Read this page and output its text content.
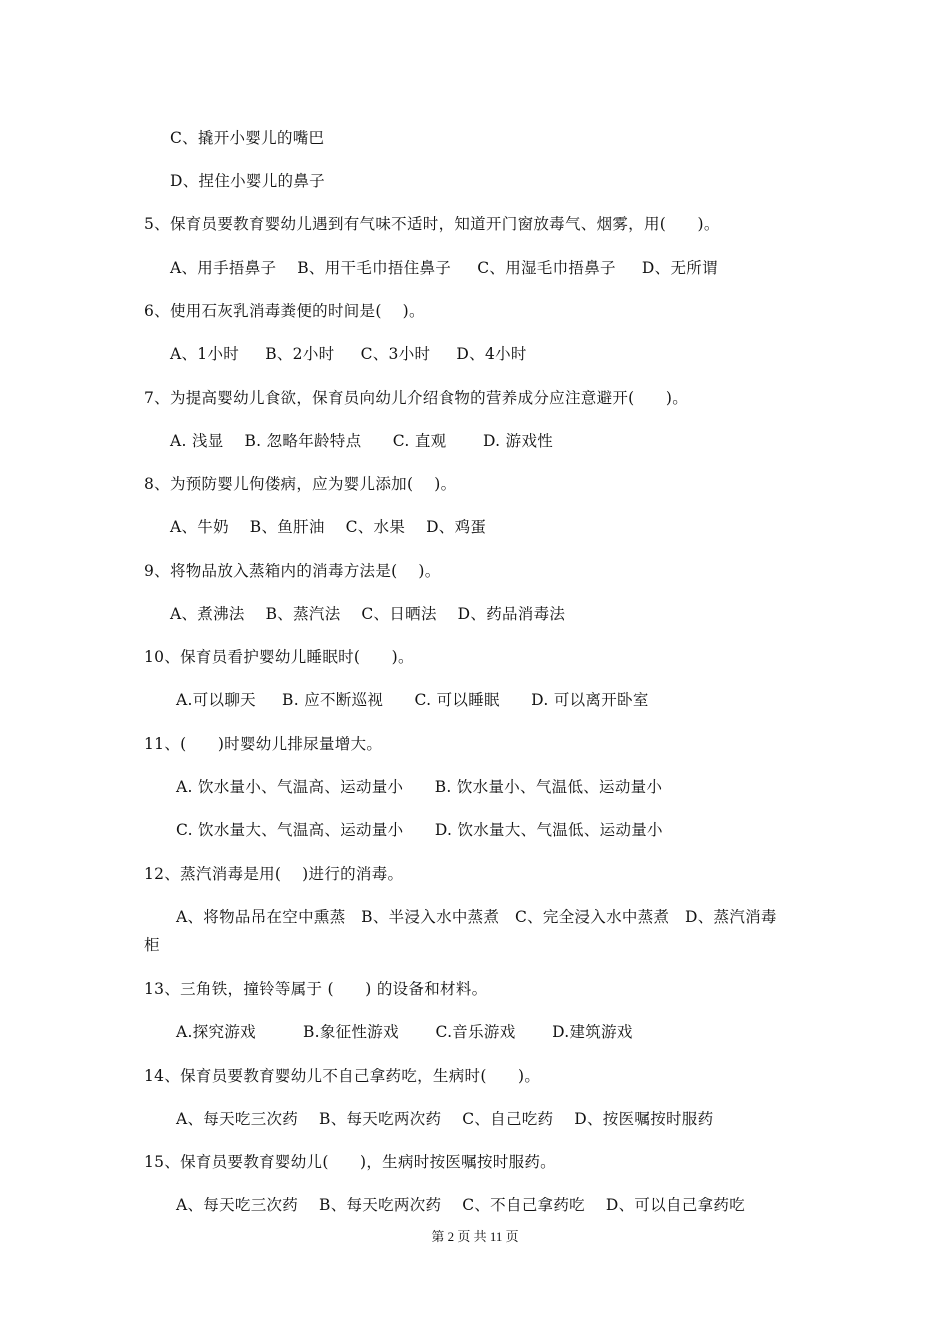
C、撬开小婴儿的嘴巴
D、捏住小婴儿的鼻子
5、保育员要教育婴幼儿遇到有气味不适时，知道开门窗放毒气、烟雾，用(      )。
A、用手捂鼻子    B、用干毛巾捂住鼻子     C、用湿毛巾捂鼻子     D、无所谓
6、使用石灰乳消毒粪便的时间是(    )。
A、1小时     B、2小时     C、3小时     D、4小时
7、为提高婴幼儿食欲，保育员向幼儿介绍食物的营养成分应注意避开(      )。
A. 浅显    B. 忽略年龄特点      C. 直观       D. 游戏性
8、为预防婴儿佝偻病，应为婴儿添加(    )。
A、牛奶    B、鱼肝油    C、水果    D、鸡蛋
9、将物品放入蒸箱内的消毒方法是(    )。
A、煮沸法    B、蒸汽法    C、日晒法    D、药品消毒法
10、保育员看护婴幼儿睡眠时(      )。
A.可以聊天     B. 应不断巡视      C. 可以睡眠      D. 可以离开卧室
11、(      )时婴幼儿排尿量增大。
A. 饮水量小、气温高、运动量小      B. 饮水量小、气温低、运动量小
C. 饮水量大、气温高、运动量小      D. 饮水量大、气温低、运动量小
12、蒸汽消毒是用(    )进行的消毒。
A、将物品吊在空中熏蒸   B、半浸入水中蒸煮   C、完全浸入水中蒸煮   D、蒸汽消毒
柜
13、三角铁，撞铃等属于 (      ) 的设备和材料。
A.探究游戏         B.象征性游戏       C.音乐游戏       D.建筑游戏
14、保育员要教育婴幼儿不自己拿药吃，生病时(      )。
A、每天吃三次药    B、每天吃两次药    C、自己吃药    D、按医嘱按时服药
15、保育员要教育婴幼儿(      )，生病时按医嘱按时服药。
A、每天吃三次药    B、每天吃两次药    C、不自己拿药吃    D、可以自己拿药吃
第 2 页 共 11 页
